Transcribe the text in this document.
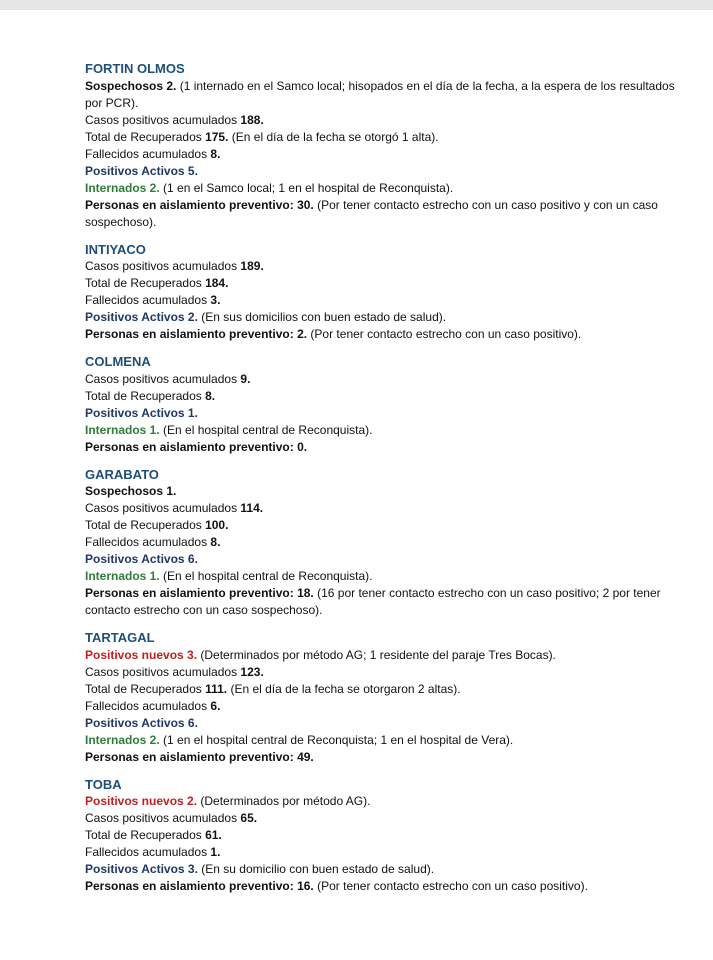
FORTIN OLMOS
Sospechosos 2. (1 internado en el Samco local; hisopados en el día de la fecha, a la espera de los resultados por PCR).
Casos positivos acumulados 188.
Total de Recuperados 175. (En el día de la fecha se otorgó 1 alta).
Fallecidos acumulados 8.
Positivos Activos 5.
Internados 2. (1 en el Samco local; 1 en el hospital de Reconquista).
Personas en aislamiento preventivo: 30. (Por tener contacto estrecho con un caso positivo y con un caso sospechoso).
INTIYACO
Casos positivos acumulados 189.
Total de Recuperados 184.
Fallecidos acumulados 3.
Positivos Activos 2. (En sus domicilios con buen estado de salud).
Personas en aislamiento preventivo: 2. (Por tener contacto estrecho con un caso positivo).
COLMENA
Casos positivos acumulados 9.
Total de Recuperados 8.
Positivos Activos 1.
Internados 1. (En el hospital central de Reconquista).
Personas en aislamiento preventivo: 0.
GARABATO
Sospechosos 1.
Casos positivos acumulados 114.
Total de Recuperados 100.
Fallecidos acumulados 8.
Positivos Activos 6.
Internados 1. (En el hospital central de Reconquista).
Personas en aislamiento preventivo: 18. (16 por tener contacto estrecho con un caso positivo; 2 por tener contacto estrecho con un caso sospechoso).
TARTAGAL
Positivos nuevos 3. (Determinados por método AG; 1 residente del paraje Tres Bocas).
Casos positivos acumulados 123.
Total de Recuperados 111. (En el día de la fecha se otorgaron 2 altas).
Fallecidos acumulados 6.
Positivos Activos 6.
Internados 2. (1 en el hospital central de Reconquista; 1 en el hospital de Vera).
Personas en aislamiento preventivo: 49.
TOBA
Positivos nuevos 2. (Determinados por método AG).
Casos positivos acumulados 65.
Total de Recuperados 61.
Fallecidos acumulados 1.
Positivos Activos 3. (En su domicilio con buen estado de salud).
Personas en aislamiento preventivo: 16. (Por tener contacto estrecho con un caso positivo).
